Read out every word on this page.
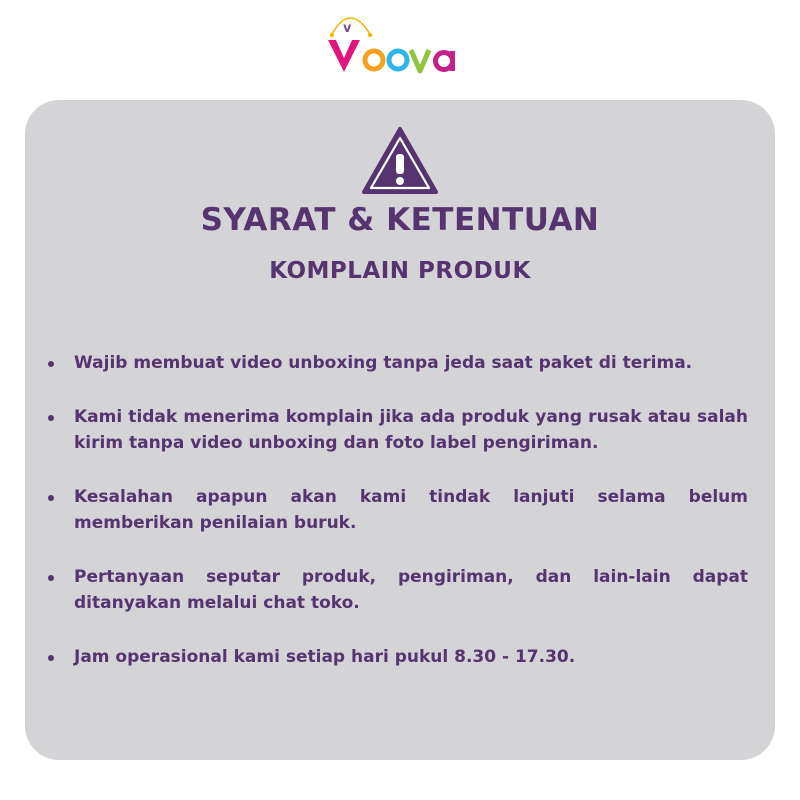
v
SYARAT & KETENTUAN
KOMPLAIN PRODUK
Wajib membuat video unboxing tanpa jeda saat paket di terima.
Kami tidak menerima komplain jika ada produk yang rusak atau salah kirim tanpa video unboxing dan foto label pengiriman.
Kesalahan apapun akan kami tindak lanjuti selama belum memberikan penilaian buruk.
Pertanyaan seputar produk, pengiriman, dan lain-lain dapat ditanyakan melalui chat toko.
Jam operasional kami setiap hari pukul 8.30 - 17.30.
